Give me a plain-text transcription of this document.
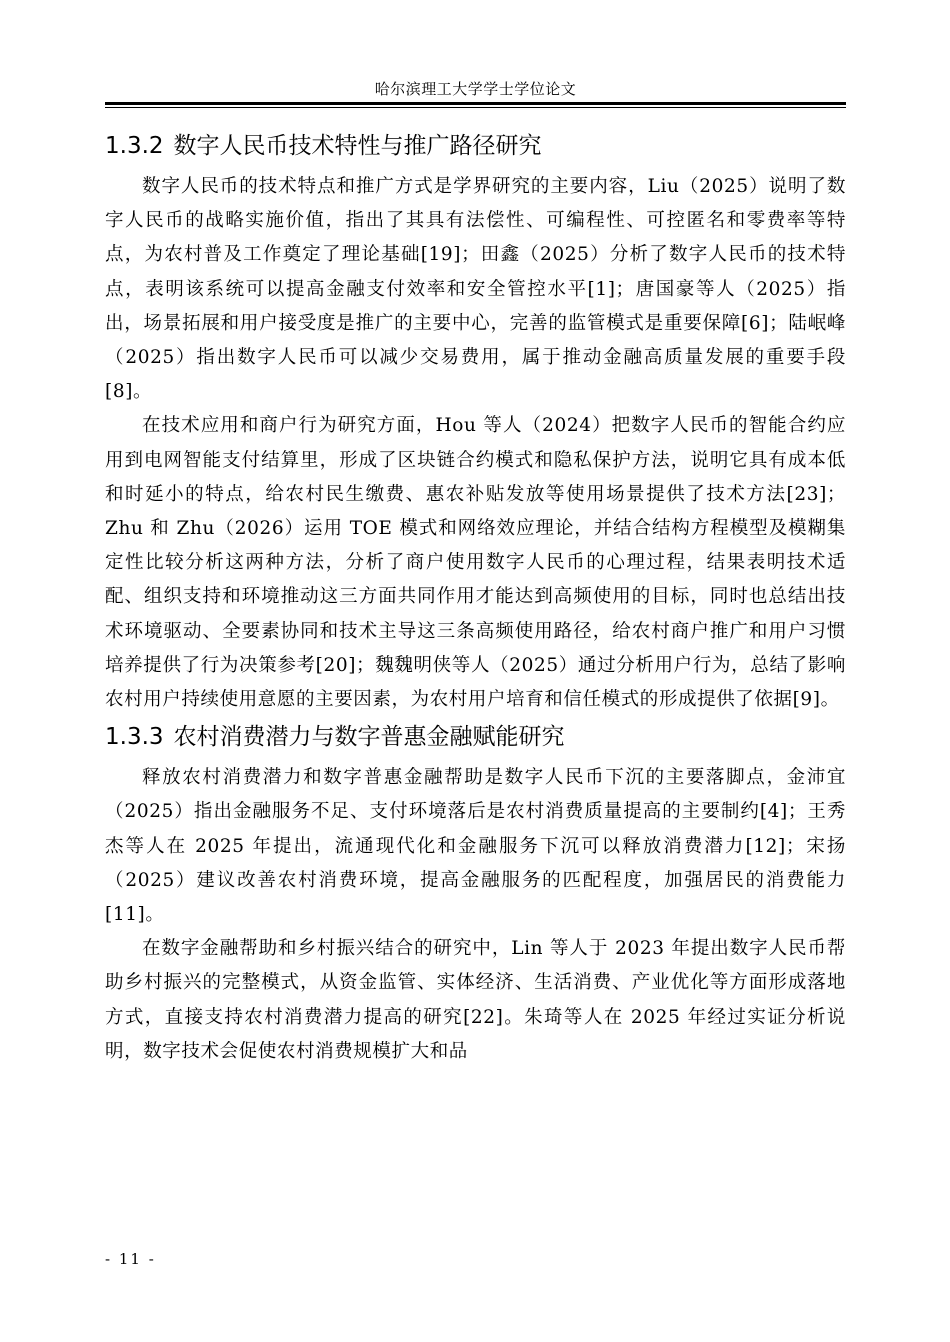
哈尔滨理工大学学士学位论文
1.3.2 数字人民币技术特性与推广路径研究

数字人民币的技术特点和推广方式是学界研究的主要内容，Liu（2025）说明了数字人民币的战略实施价值，指出了其具有法偿性、可编程性、可控匿名和零费率等特点，为农村普及工作奠定了理论基础[19]；田鑫（2025）分析了数字人民币的技术特点，表明该系统可以提高金融支付效率和安全管控水平[1]；唐国豪等人（2025）指出，场景拓展和用户接受度是推广的主要中心，完善的监管模式是重要保障[6]；陆岷峰（2025）指出数字人民币可以减少交易费用，属于推动金融高质量发展的重要手段[8]。

在技术应用和商户行为研究方面，Hou 等人（2024）把数字人民币的智能合约应用到电网智能支付结算里，形成了区块链合约模式和隐私保护方法，说明它具有成本低和时延小的特点，给农村民生缴费、惠农补贴发放等使用场景提供了技术方法[23]；Zhu 和 Zhu（2026）运用 TOE 模式和网络效应理论，并结合结构方程模型及模糊集定性比较分析这两种方法，分析了商户使用数字人民币的心理过程，结果表明技术适配、组织支持和环境推动这三方面共同作用才能达到高频使用的目标，同时也总结出技术环境驱动、全要素协同和技术主导这三条高频使用路径，给农村商户推广和用户习惯培养提供了行为决策参考[20]；魏魏明侠等人（2025）通过分析用户行为，总结了影响农村用户持续使用意愿的主要因素，为农村用户培育和信任模式的形成提供了依据[9]。

1.3.3 农村消费潜力与数字普惠金融赋能研究

释放农村消费潜力和数字普惠金融帮助是数字人民币下沉的主要落脚点，金沛宜（2025）指出金融服务不足、支付环境落后是农村消费质量提高的主要制约[4]；王秀杰等人在 2025 年提出，流通现代化和金融服务下沉可以释放消费潜力[12]；宋扬（2025）建议改善农村消费环境，提高金融服务的匹配程度，加强居民的消费能力[11]。

在数字金融帮助和乡村振兴结合的研究中，Lin 等人于 2023 年提出数字人民币帮助乡村振兴的完整模式，从资金监管、实体经济、生活消费、产业优化等方面形成落地方式，直接支持农村消费潜力提高的研究[22]。朱琦等人在 2025 年经过实证分析说明，数字技术会促使农村消费规模扩大和品

- 11 -
